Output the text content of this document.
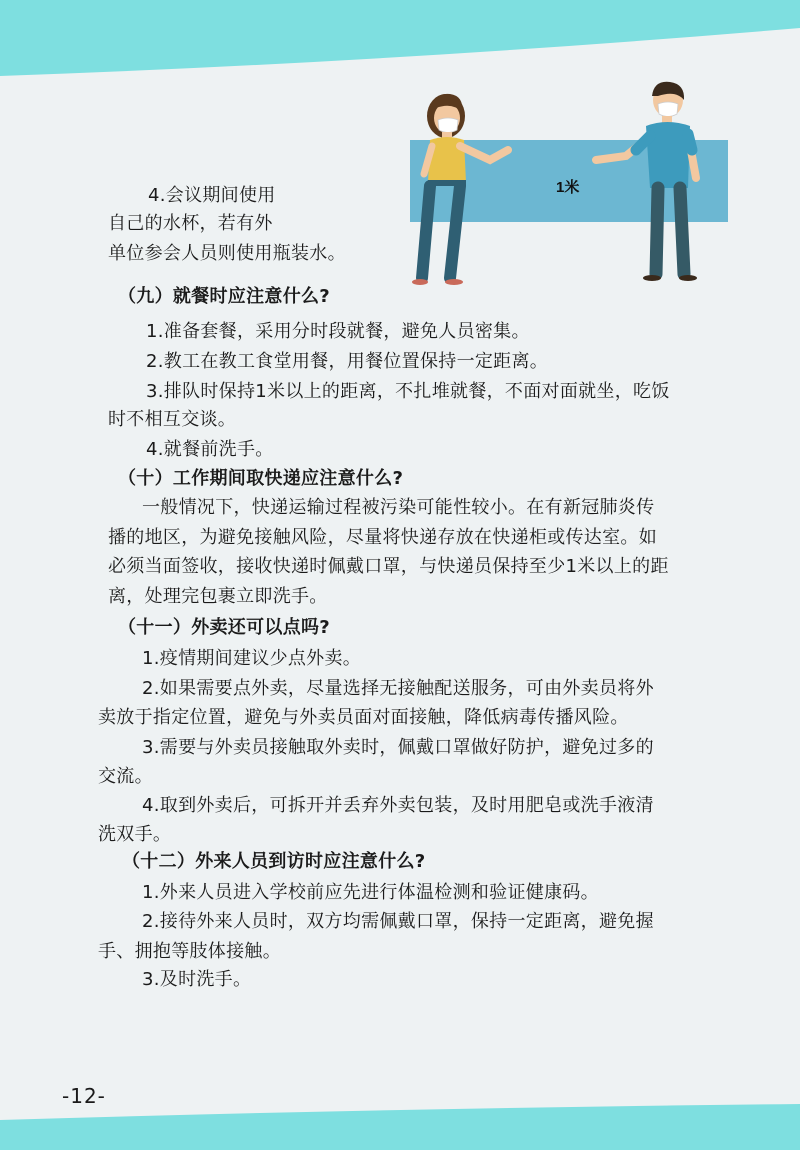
1米
4.会议期间使用
自己的水杯，若有外
单位参会人员则使用瓶装水。
（九）就餐时应注意什么?
1.准备套餐，采用分时段就餐，避免人员密集。
2.教工在教工食堂用餐，用餐位置保持一定距离。
3.排队时保持1米以上的距离，不扎堆就餐，不面对面就坐，吃饭
时不相互交谈。
4.就餐前洗手。
（十）工作期间取快递应注意什么?
一般情况下，快递运输过程被污染可能性较小。在有新冠肺炎传
播的地区，为避免接触风险，尽量将快递存放在快递柜或传达室。如
必须当面签收，接收快递时佩戴口罩，与快递员保持至少1米以上的距
离，处理完包裹立即洗手。
（十一）外卖还可以点吗?
1.疫情期间建议少点外卖。
2.如果需要点外卖，尽量选择无接触配送服务，可由外卖员将外
卖放于指定位置，避免与外卖员面对面接触，降低病毒传播风险。
3.需要与外卖员接触取外卖时，佩戴口罩做好防护，避免过多的
交流。
4.取到外卖后，可拆开并丢弃外卖包装，及时用肥皂或洗手液清
洗双手。
（十二）外来人员到访时应注意什么?
1.外来人员进入学校前应先进行体温检测和验证健康码。
2.接待外来人员时，双方均需佩戴口罩，保持一定距离，避免握
手、拥抱等肢体接触。
3.及时洗手。
-12-
